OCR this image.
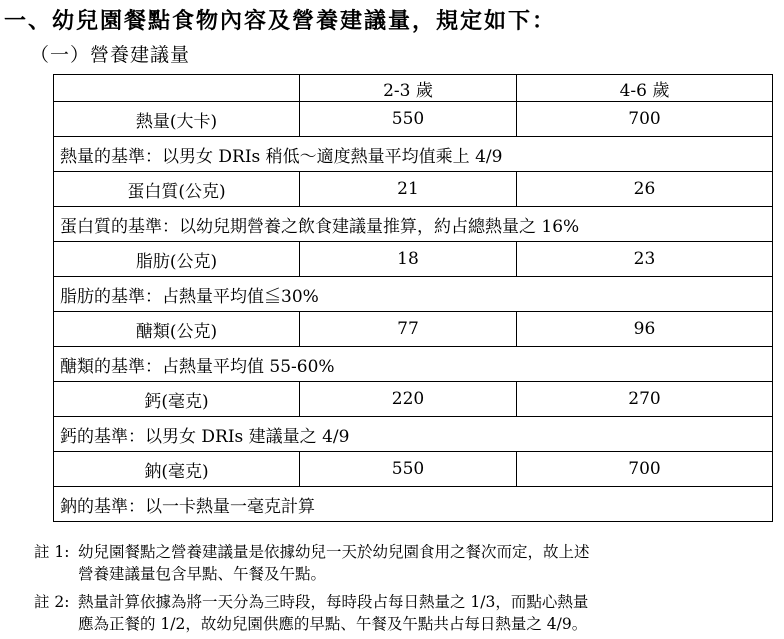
一、幼兒園餐點食物內容及營養建議量，規定如下：
（一）營養建議量
	2-3 歲	4-6 歲
熱量(大卡)	550	700
熱量的基準：以男女 DRIs 稍低～適度熱量平均值乘上 4/9		
蛋白質(公克)	21	26
蛋白質的基準：以幼兒期營養之飲食建議量推算，約占總熱量之 16%		
脂肪(公克)	18	23
脂肪的基準：占熱量平均值≦30%		
醣類(公克)	77	96
醣類的基準：占熱量平均值 55-60%		
鈣(毫克)	220	270
鈣的基準：以男女 DRIs 建議量之 4/9		
鈉(毫克)	550	700
鈉的基準：以一卡熱量一毫克計算		
註 1: 幼兒園餐點之營養建議量是依據幼兒一天於幼兒園食用之餐次而定，故上述
營養建議量包含早點、午餐及午點。
註 2: 熱量計算依據為將一天分為三時段，每時段占每日熱量之 1/3，而點心熱量
應為正餐的 1/2，故幼兒園供應的早點、午餐及午點共占每日熱量之 4/9。
